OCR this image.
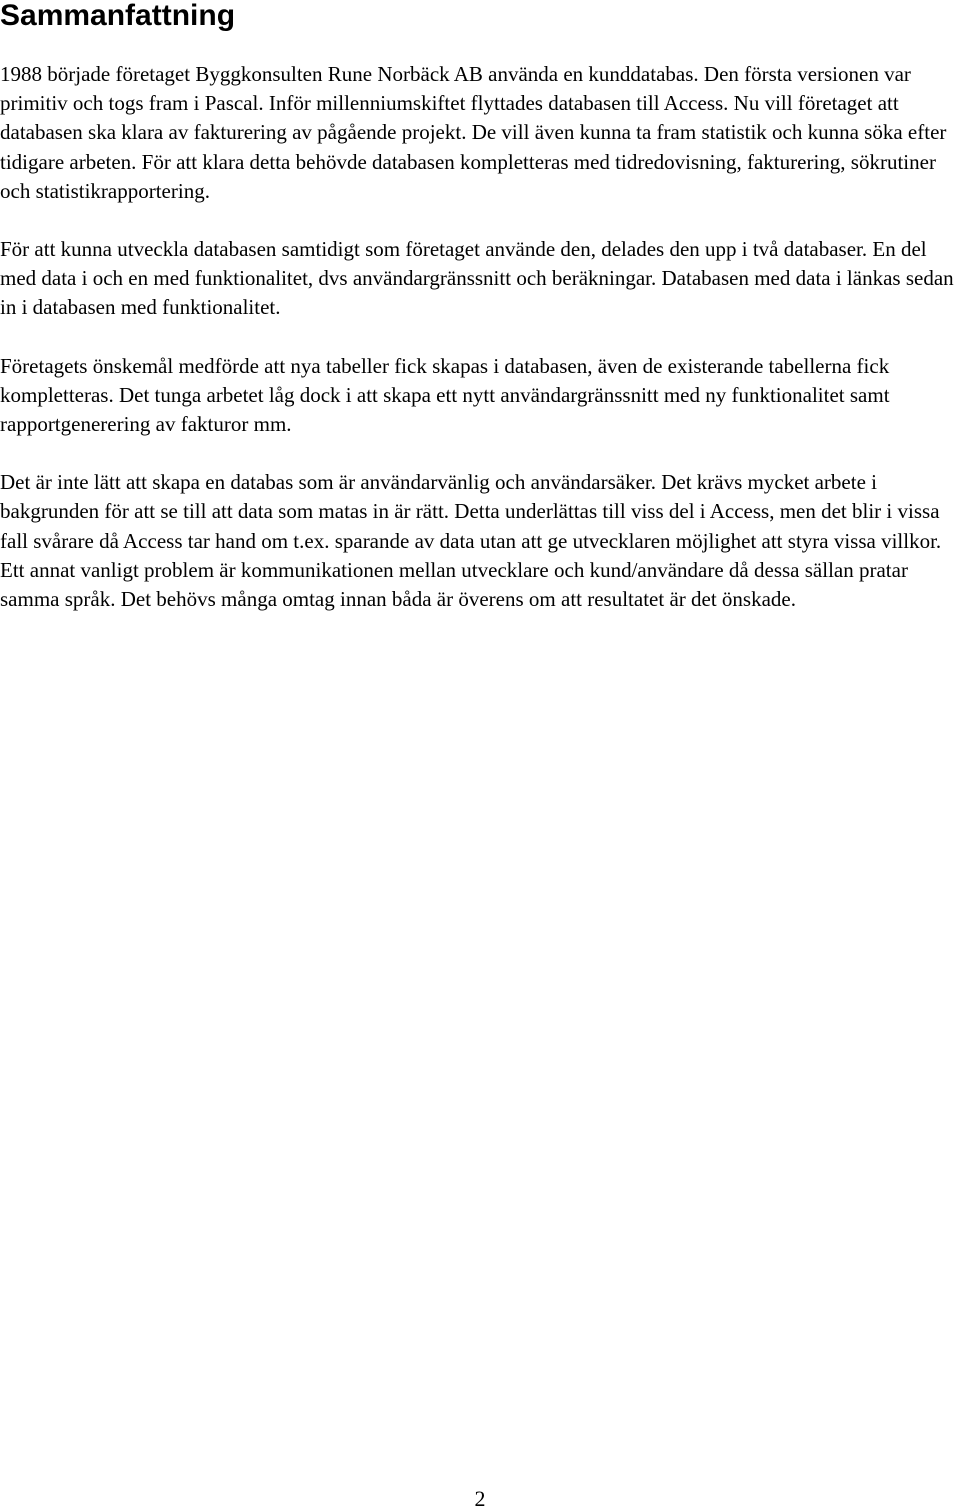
Sammanfattning

1988 började företaget Byggkonsulten Rune Norbäck AB använda en kunddatabas. Den första versionen var primitiv och togs fram i Pascal. Inför millenniumskiftet flyttades databasen till Access. Nu vill företaget att databasen ska klara av fakturering av pågående projekt. De vill även kunna ta fram statistik och kunna söka efter tidigare arbeten. För att klara detta behövde databasen kompletteras med tidredovisning, fakturering, sökrutiner och statistikrapportering.

För att kunna utveckla databasen samtidigt som företaget använde den, delades den upp i två databaser. En del med data i och en med funktionalitet, dvs användargränssnitt och beräkningar. Databasen med data i länkas sedan in i databasen med funktionalitet.

Företagets önskemål medförde att nya tabeller fick skapas i databasen, även de existerande tabellerna fick kompletteras. Det tunga arbetet låg dock i att skapa ett nytt användargränssnitt med ny funktionalitet samt rapportgenerering av fakturor mm.

Det är inte lätt att skapa en databas som är användarvänlig och användarsäker. Det krävs mycket arbete i bakgrunden för att se till att data som matas in är rätt. Detta underlättas till viss del i Access, men det blir i vissa fall svårare då Access tar hand om t.ex. sparande av data utan att ge utvecklaren möjlighet att styra vissa villkor. Ett annat vanligt problem är kommunikationen mellan utvecklare och kund/användare då dessa sällan pratar samma språk. Det behövs många omtag innan båda är överens om att resultatet är det önskade.

2
